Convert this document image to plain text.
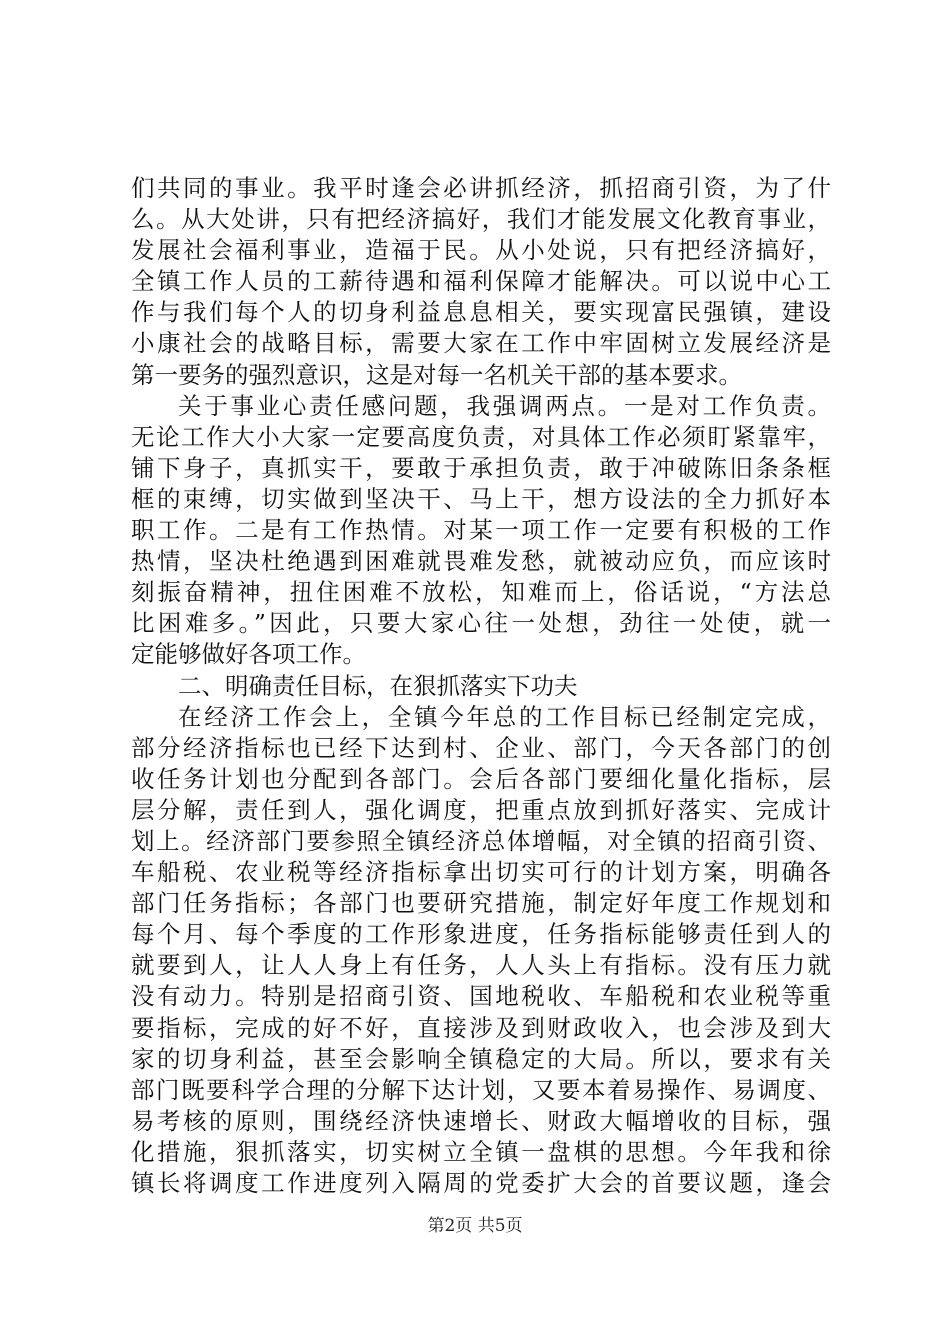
们共同的事业。我平时逢会必讲抓经济，抓招商引资，为了什
么。从大处讲，只有把经济搞好，我们才能发展文化教育事业，
发展社会福利事业，造福于民。从小处说，只有把经济搞好，
全镇工作人员的工薪待遇和福利保障才能解决。可以说中心工
作与我们每个人的切身利益息息相关，要实现富民强镇，建设
小康社会的战略目标，需要大家在工作中牢固树立发展经济是
第一要务的强烈意识，这是对每一名机关干部的基本要求。
关于事业心责任感问题，我强调两点。一是对工作负责。
无论工作大小大家一定要高度负责，对具体工作必须盯紧靠牢，
铺下身子，真抓实干，要敢于承担负责，敢于冲破陈旧条条框
框的束缚，切实做到坚决干、马上干，想方设法的全力抓好本
职工作。二是有工作热情。对某一项工作一定要有积极的工作
热情，坚决杜绝遇到困难就畏难发愁，就被动应负，而应该时
刻振奋精神，扭住困难不放松，知难而上，俗话说，“方法总
比困难多。”因此，只要大家心往一处想，劲往一处使，就一
定能够做好各项工作。
二、明确责任目标，在狠抓落实下功夫
在经济工作会上，全镇今年总的工作目标已经制定完成，
部分经济指标也已经下达到村、企业、部门，今天各部门的创
收任务计划也分配到各部门。会后各部门要细化量化指标，层
层分解，责任到人，强化调度，把重点放到抓好落实、完成计
划上。经济部门要参照全镇经济总体增幅，对全镇的招商引资、
车船税、农业税等经济指标拿出切实可行的计划方案，明确各
部门任务指标；各部门也要研究措施，制定好年度工作规划和
每个月、每个季度的工作形象进度，任务指标能够责任到人的
就要到人，让人人身上有任务，人人头上有指标。没有压力就
没有动力。特别是招商引资、国地税收、车船税和农业税等重
要指标，完成的好不好，直接涉及到财政收入，也会涉及到大
家的切身利益，甚至会影响全镇稳定的大局。所以，要求有关
部门既要科学合理的分解下达计划，又要本着易操作、易调度、
易考核的原则，围绕经济快速增长、财政大幅增收的目标，强
化措施，狠抓落实，切实树立全镇一盘棋的思想。今年我和徐
镇长将调度工作进度列入隔周的党委扩大会的首要议题，逢会
第2页 共5页
